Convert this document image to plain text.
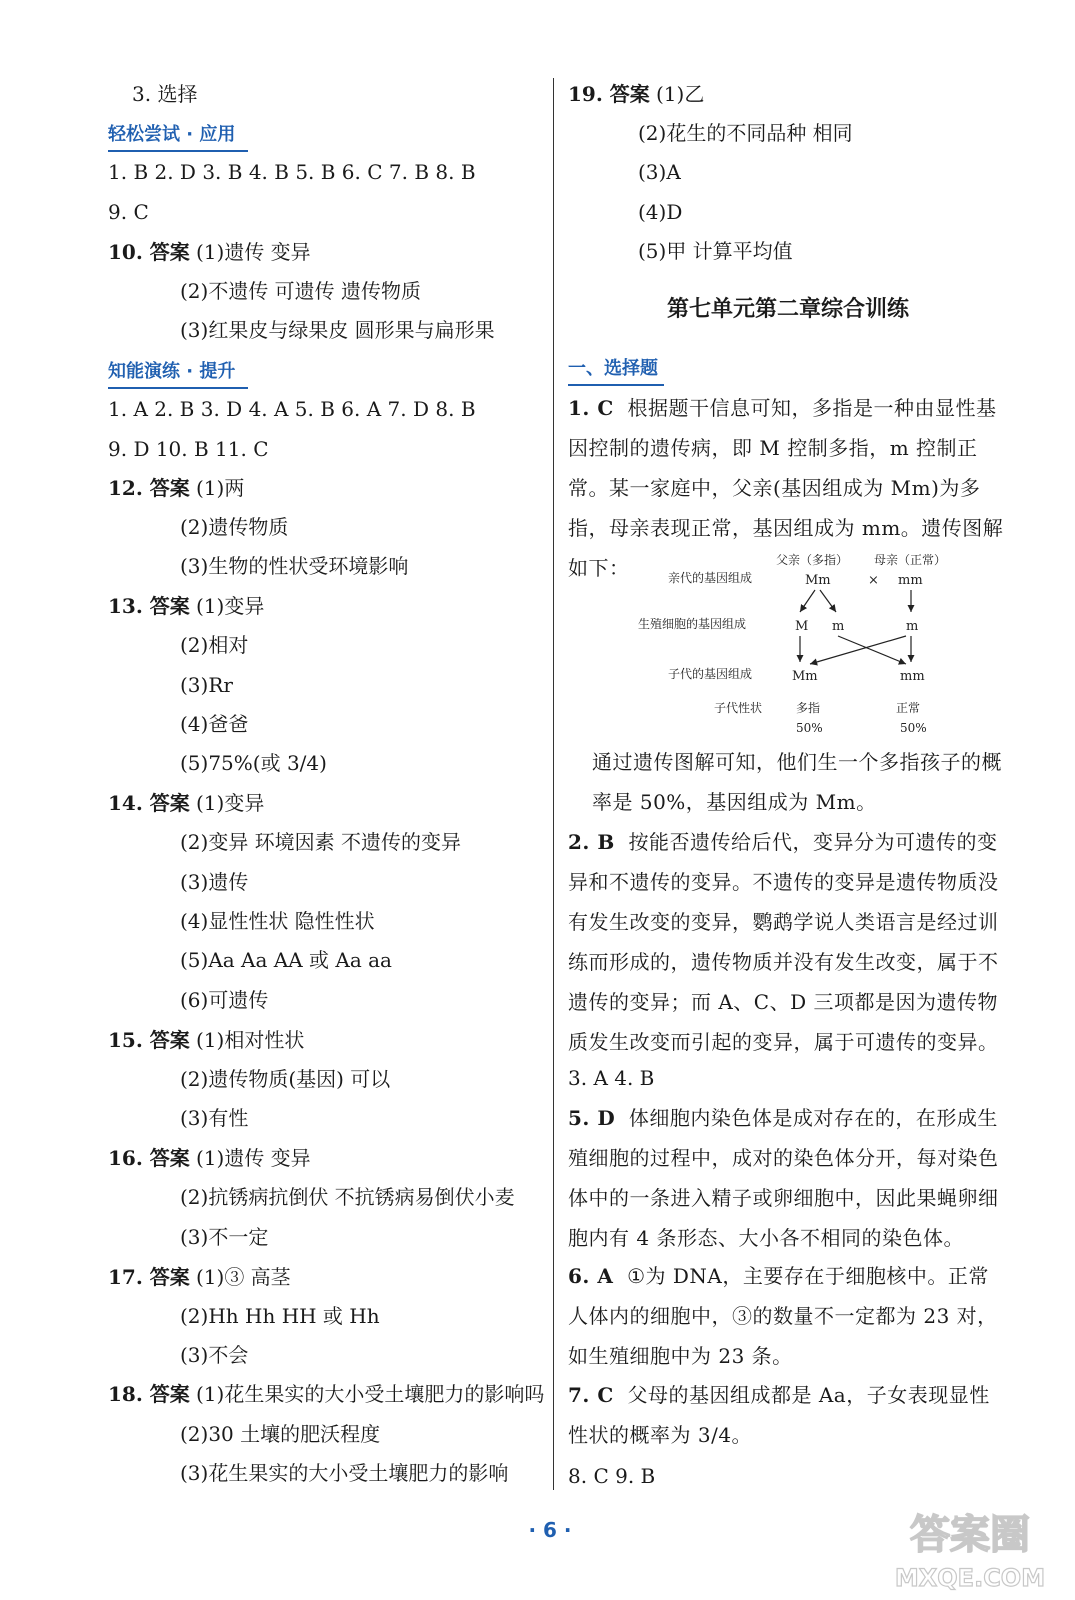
3. 选择
轻松尝试 · 应用
1. B 2. D 3. B 4. B 5. B 6. C 7. B 8. B
9. C
10. 答案 (1)遗传 变异
(2)不遗传 可遗传 遗传物质
(3)红果皮与绿果皮 圆形果与扁形果
知能演练 · 提升
1. A 2. B 3. D 4. A 5. B 6. A 7. D 8. B
9. D 10. B 11. C
12. 答案 (1)两
(2)遗传物质
(3)生物的性状受环境影响
13. 答案 (1)变异
(2)相对
(3)Rr
(4)爸爸
(5)75%(或 3/4)
14. 答案 (1)变异
(2)变异 环境因素 不遗传的变异
(3)遗传
(4)显性性状 隐性性状
(5)Aa Aa AA 或 Aa aa
(6)可遗传
15. 答案 (1)相对性状
(2)遗传物质(基因) 可以
(3)有性
16. 答案 (1)遗传 变异
(2)抗锈病抗倒伏 不抗锈病易倒伏小麦
(3)不一定
17. 答案 (1)③ 高茎
(2)Hh Hh HH 或 Hh
(3)不会
18. 答案 (1)花生果实的大小受土壤肥力的影响吗
(2)30 土壤的肥沃程度
(3)花生果实的大小受土壤肥力的影响
19. 答案 (1)乙
(2)花生的不同品种 相同
(3)A
(4)D
(5)甲 计算平均值
第七单元第二章综合训练
一、选择题
1. C 根据题干信息可知，多指是一种由显性基因控制的遗传病，即 M 控制多指，m 控制正常。某一家庭中，父亲(基因组成为 Mm)为多指，母亲表现正常，基因组成为 mm。遗传图解如下：	父亲（多指） 母亲（正常）
亲代的基因组成	Mm	× mm
生殖细胞的基因组成	M m	m
子代的基因组成	Mm	mm
子代性状	多指	正常
50%	50%
通过遗传图解可知，他们生一个多指孩子的概率是 50%，基因组成为 Mm。
2. B 按能否遗传给后代，变异分为可遗传的变异和不遗传的变异。不遗传的变异是遗传物质没有发生改变的变异，鹦鹉学说人类语言是经过训练而形成的，遗传物质并没有发生改变，属于不遗传的变异；而 A、C、D 三项都是因为遗传物质发生改变而引起的变异，属于可遗传的变异。
3. A 4. B
5. D 体细胞内染色体是成对存在的，在形成生殖细胞的过程中，成对的染色体分开，每对染色体中的一条进入精子或卵细胞中，因此果蝇卵细胞内有 4 条形态、大小各不相同的染色体。
6. A ①为 DNA，主要存在于细胞核中。正常人体内的细胞中，③的数量不一定都为 23 对，如生殖细胞中为 23 条。
7. C 父母的基因组成都是 Aa，子女表现显性性状的概率为 3/4。
8. C 9. B
· 6 ·	答案圈
MXQE.COM
